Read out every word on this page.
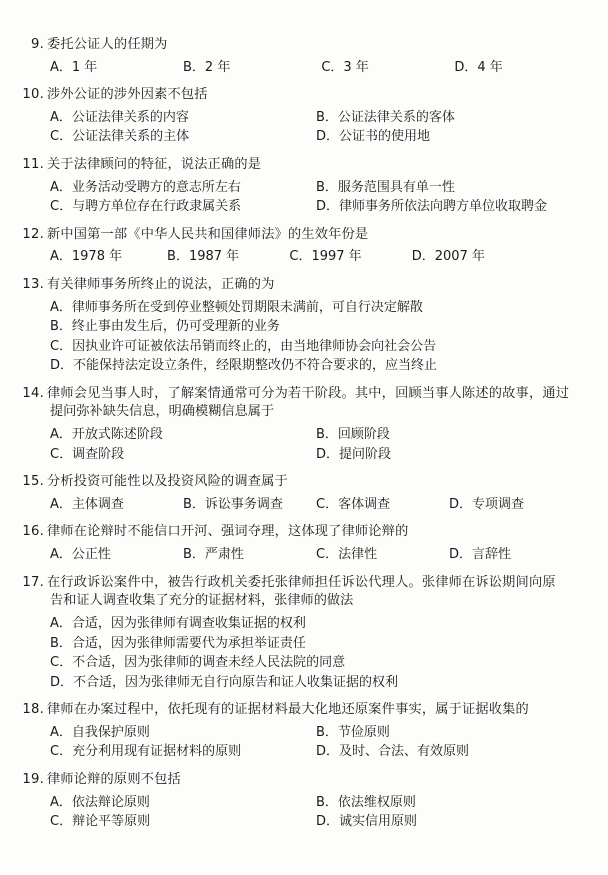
9. 委托公证人的任期为
A．1 年	B．2 年	C．3 年	D．4 年
10. 涉外公证的涉外因素不包括
A．公证法律关系的内容	B．公证法律关系的客体
C．公证法律关系的主体	D．公证书的使用地
11. 关于法律顾问的特征，说法正确的是
A．业务活动受聘方的意志所左右	B．服务范围具有单一性
C．与聘方单位存在行政隶属关系	D．律师事务所依法向聘方单位收取聘金
12. 新中国第一部《中华人民共和国律师法》的生效年份是
A．1978 年	B．1987 年	C．1997 年	D．2007 年
13. 有关律师事务所终止的说法，正确的为
A．律师事务所在受到停业整顿处罚期限未满前，可自行决定解散
B．终止事由发生后，仍可受理新的业务
C．因执业许可证被依法吊销而终止的，由当地律师协会向社会公告
D．不能保持法定设立条件，经限期整改仍不符合要求的，应当终止
14. 律师会见当事人时，了解案情通常可分为若干阶段。其中，回顾当事人陈述的故事，通过
提问弥补缺失信息，明确模糊信息属于
A．开放式陈述阶段	B．回顾阶段
C．调查阶段	D．提问阶段
15. 分析投资可能性以及投资风险的调查属于
A．主体调查	B．诉讼事务调查	C．客体调查	D．专项调查
16. 律师在论辩时不能信口开河、强词夺理，这体现了律师论辩的
A．公正性	B．严肃性	C．法律性	D．言辞性
17. 在行政诉讼案件中，被告行政机关委托张律师担任诉讼代理人。张律师在诉讼期间向原
告和证人调查收集了充分的证据材料，张律师的做法
A．合适，因为张律师有调查收集证据的权利
B．合适，因为张律师需要代为承担举证责任
C．不合适，因为张律师的调查未经人民法院的同意
D．不合适，因为张律师无自行向原告和证人收集证据的权利
18. 律师在办案过程中，依托现有的证据材料最大化地还原案件事实，属于证据收集的
A．自我保护原则	B．节俭原则
C．充分利用现有证据材料的原则	D．及时、合法、有效原则
19. 律师论辩的原则不包括
A．依法辩论原则	B．依法维权原则
C．辩论平等原则	D．诚实信用原则
